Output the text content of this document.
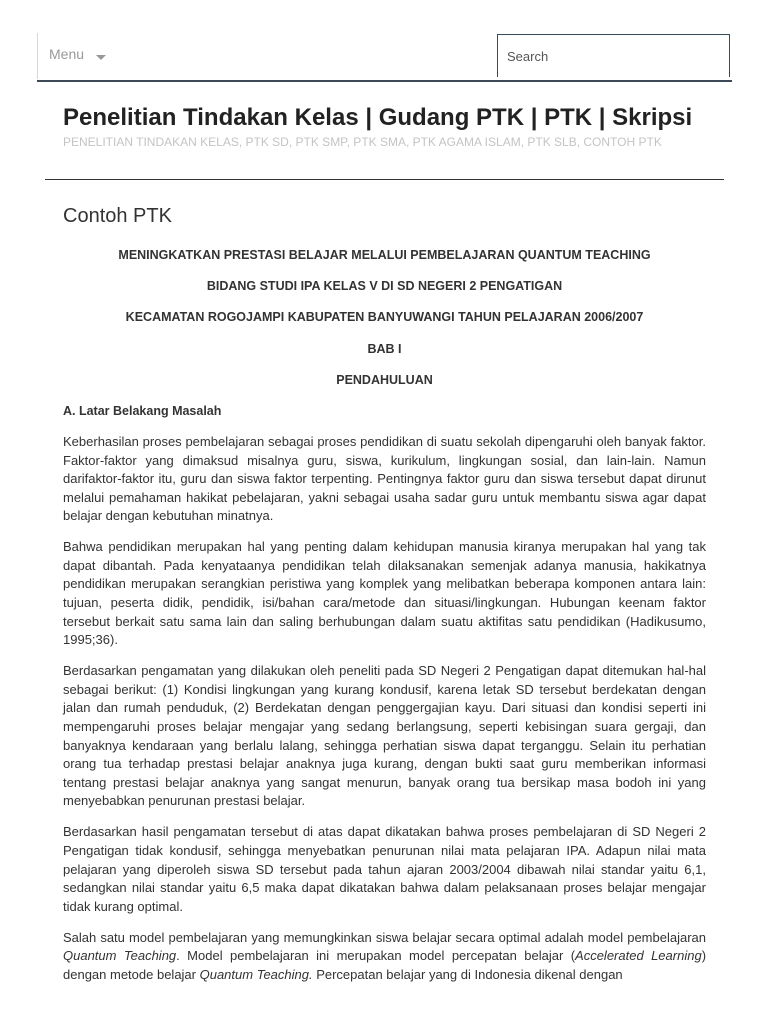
Menu
Search
Penelitian Tindakan Kelas | Gudang PTK | PTK | Skripsi
PENELITIAN TINDAKAN KELAS, PTK SD, PTK SMP, PTK SMA, PTK AGAMA ISLAM, PTK SLB, CONTOH PTK
Contoh PTK

MENINGKATKAN PRESTASI BELAJAR MELALUI PEMBELAJARAN QUANTUM TEACHING

BIDANG STUDI IPA KELAS V DI SD NEGERI 2 PENGATIGAN

KECAMATAN ROGOJAMPI KABUPATEN BANYUWANGI TAHUN PELAJARAN 2006/2007

BAB I

PENDAHULUAN

A. Latar Belakang Masalah

Keberhasilan proses pembelajaran sebagai proses pendidikan di suatu sekolah dipengaruhi oleh banyak faktor. Faktor-faktor yang dimaksud misalnya guru, siswa, kurikulum, lingkungan sosial, dan lain-lain. Namun darifaktor-faktor itu, guru dan siswa faktor terpenting. Pentingnya faktor guru dan siswa tersebut dapat dirunut melalui pemahaman hakikat pebelajaran, yakni sebagai usaha sadar guru untuk membantu siswa agar dapat belajar dengan kebutuhan minatnya.

Bahwa pendidikan merupakan hal yang penting dalam kehidupan manusia kiranya merupakan hal yang tak dapat dibantah. Pada kenyataanya pendidikan telah dilaksanakan semenjak adanya manusia, hakikatnya pendidikan merupakan serangkian peristiwa yang komplek yang melibatkan beberapa komponen antara lain: tujuan, peserta didik, pendidik, isi/bahan cara/metode dan situasi/lingkungan. Hubungan keenam faktor tersebut berkait satu sama lain dan saling berhubungan dalam suatu aktifitas satu pendidikan (Hadikusumo, 1995;36).

Berdasarkan pengamatan yang dilakukan oleh peneliti pada SD Negeri 2 Pengatigan dapat ditemukan hal-hal sebagai berikut: (1) Kondisi lingkungan yang kurang kondusif, karena letak SD tersebut berdekatan dengan jalan dan rumah penduduk, (2) Berdekatan dengan penggergajian kayu. Dari situasi dan kondisi seperti ini mempengaruhi proses belajar mengajar yang sedang berlangsung, seperti kebisingan suara gergaji, dan banyaknya kendaraan yang berlalu lalang, sehingga perhatian siswa dapat terganggu. Selain itu perhatian orang tua terhadap prestasi belajar anaknya juga kurang, dengan bukti saat guru memberikan informasi tentang prestasi belajar anaknya yang sangat menurun, banyak orang tua bersikap masa bodoh ini yang menyebabkan penurunan prestasi belajar.

Berdasarkan hasil pengamatan tersebut di atas dapat dikatakan bahwa proses pembelajaran di SD Negeri 2 Pengatigan tidak kondusif, sehingga menyebatkan penurunan nilai mata pelajaran IPA. Adapun nilai mata pelajaran yang diperoleh siswa SD tersebut pada tahun ajaran 2003/2004 dibawah nilai standar yaitu 6,1, sedangkan nilai standar yaitu 6,5 maka dapat dikatakan bahwa dalam pelaksanaan proses belajar mengajar tidak kurang optimal.

Salah satu model pembelajaran yang memungkinkan siswa belajar secara optimal adalah model pembelajaran Quantum Teaching. Model pembelajaran ini merupakan model percepatan belajar (Accelerated Learning) dengan metode belajar Quantum Teaching. Percepatan belajar yang di Indonesia dikenal dengan
